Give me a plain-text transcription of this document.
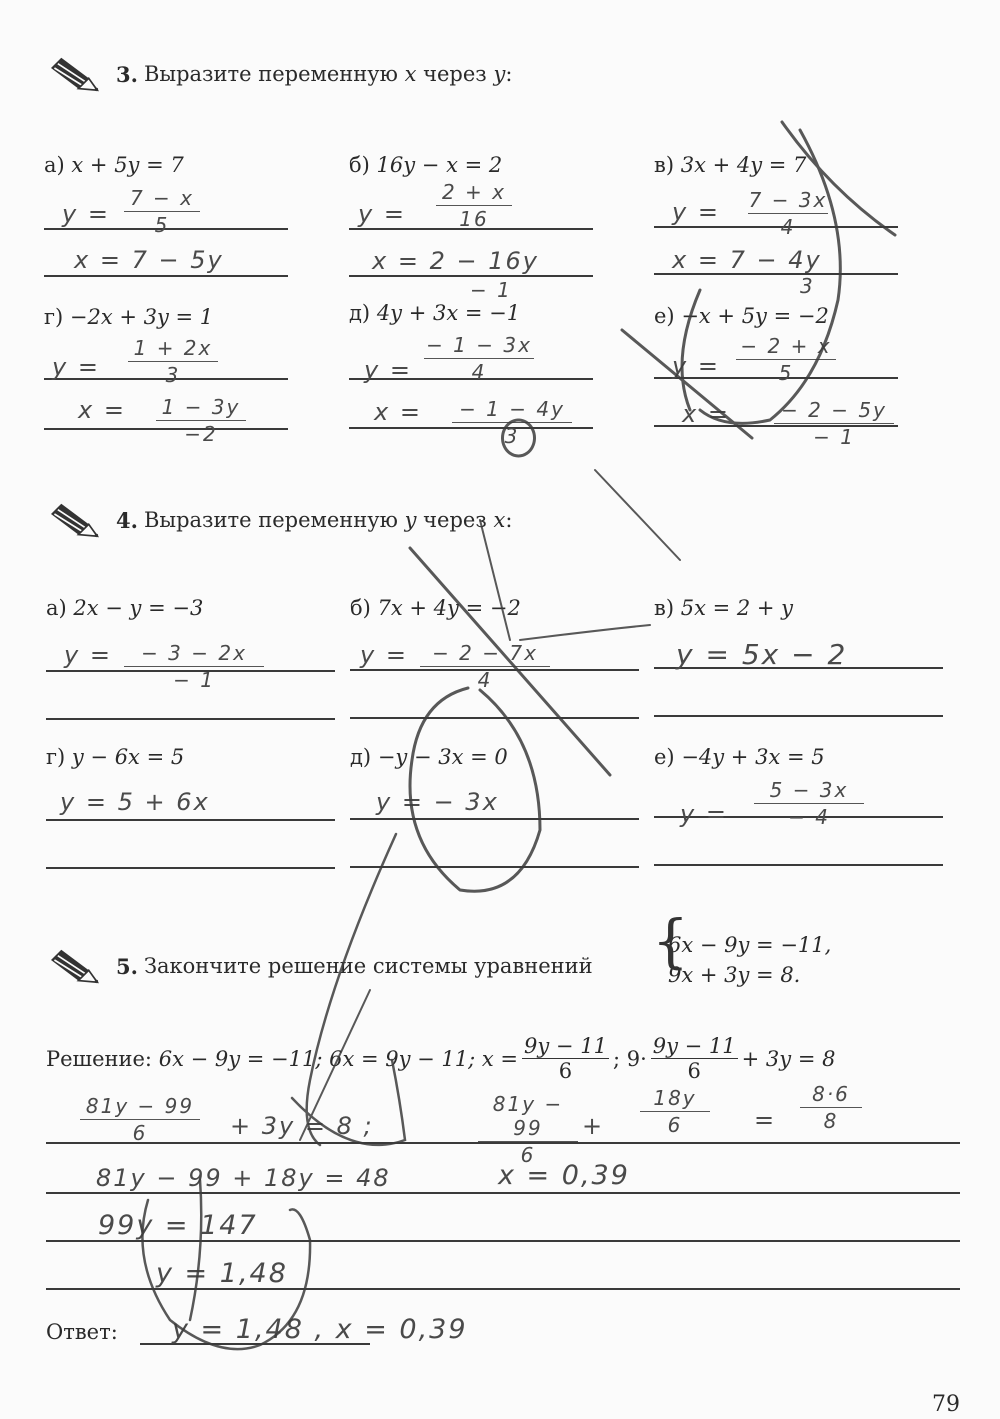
3. Выразите переменную x через y:
а) x + 5y = 7	б) 16y − x = 2	в) 3x + 4y = 7
y =
7 − x
5
x = 7 − 5y
y =
2 + x
16
x = 2 − 16y
− 1
y = 7 − 3x
4
x = 7 − 4y
3
г) −2x + 3y = 1	д) 4y + 3x = −1	е) −x + 5y = −2
y =
1 + 2x
3
x = 1 − 3y
−2
y =
− 1 − 3x
4
x =	− 1 − 4y
3
y =
− 2 + x
5
x =	− 2 − 5y
− 1
4. Выразите переменную y через x:
а) 2x − y = −3	б) 7x + 4y = −2	в) 5x = 2 + y
y =	− 3 − 2x
− 1
y =	− 2 − 7x
4
y = 5x − 2
г) y − 6x = 5	д) −y − 3x = 0	е) −4y + 3x = 5
y = 5 + 6x	y = − 3x	y =
5 − 3x
− 4
5. Закончите решение системы уравнений {
6x − 9y = −11,
9x + 3y = 8.
Решение:
6x − 9y = −11; 6x = 9y − 11;
$x = \frac{9y - 11}{6}$ ;
9·
9y − 11
6
+ 3y = 8
81y − 99
6	+ 3y = 8 ;
81y − 99
6
+
18y
6	=
8·6
8
81y − 99 + 18y = 48	x = 0,39
99y = 147
y = 1,48
Ответ: y = 1,48 , x = 0,39
79
